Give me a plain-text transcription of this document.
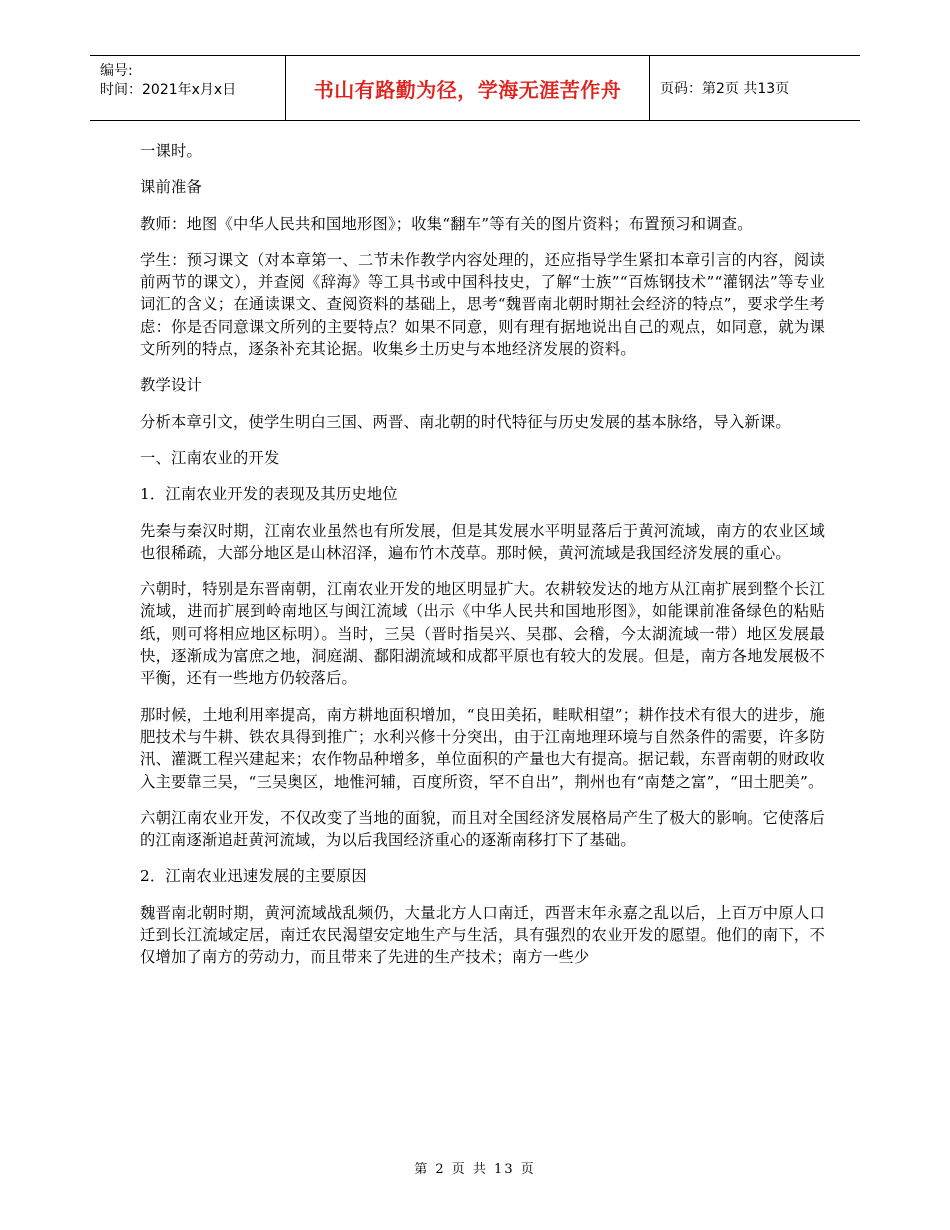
编号:
时间：2021年x月x日	书山有路勤为径，学海无涯苦作舟	页码：第2页 共13页

一课时。

课前准备

教师：地图《中华人民共和国地形图》；收集“翻车”等有关的图片资料；布置预习和调查。

学生：预习课文（对本章第一、二节未作教学内容处理的，还应指导学生紧扣本章引言的内容，阅读前两节的课文），并查阅《辞海》等工具书或中国科技史，了解“士族”“百炼钢技术”“灌钢法”等专业词汇的含义；在通读课文、查阅资料的基础上，思考“魏晋南北朝时期社会经济的特点”，要求学生考虑：你是否同意课文所列的主要特点？如果不同意，则有理有据地说出自己的观点，如同意，就为课文所列的特点，逐条补充其论据。收集乡土历史与本地经济发展的资料。

教学设计

分析本章引文，使学生明白三国、两晋、南北朝的时代特征与历史发展的基本脉络，导入新课。

一、江南农业的开发

1．江南农业开发的表现及其历史地位

先秦与秦汉时期，江南农业虽然也有所发展，但是其发展水平明显落后于黄河流域，南方的农业区域也很稀疏，大部分地区是山林沼泽，遍布竹木茂草。那时候，黄河流域是我国经济发展的重心。

六朝时，特别是东晋南朝，江南农业开发的地区明显扩大。农耕较发达的地方从江南扩展到整个长江流域，进而扩展到岭南地区与闽江流域（出示《中华人民共和国地形图》，如能课前准备绿色的粘贴纸，则可将相应地区标明）。当时，三吴（晋时指吴兴、吴郡、会稽，今太湖流域一带）地区发展最快，逐渐成为富庶之地，洞庭湖、鄱阳湖流域和成都平原也有较大的发展。但是，南方各地发展极不平衡，还有一些地方仍较落后。

那时候，土地利用率提高，南方耕地面积增加，“良田美拓，畦畎相望”；耕作技术有很大的进步，施肥技术与牛耕、铁农具得到推广；水利兴修十分突出，由于江南地理环境与自然条件的需要，许多防汛、灌溉工程兴建起来；农作物品种增多，单位面积的产量也大有提高。据记载，东晋南朝的财政收入主要靠三吴，“三吴奥区，地惟河辅，百度所资，罕不自出”，荆州也有“南楚之富”，“田土肥美”。

六朝江南农业开发，不仅改变了当地的面貌，而且对全国经济发展格局产生了极大的影响。它使落后的江南逐渐追赶黄河流域，为以后我国经济重心的逐渐南移打下了基础。

2．江南农业迅速发展的主要原因

魏晋南北朝时期，黄河流域战乱频仍，大量北方人口南迁，西晋末年永嘉之乱以后，上百万中原人口迁到长江流域定居，南迁农民渴望安定地生产与生活，具有强烈的农业开发的愿望。他们的南下，不仅增加了南方的劳动力，而且带来了先进的生产技术；南方一些少

第 2 页 共 13 页
